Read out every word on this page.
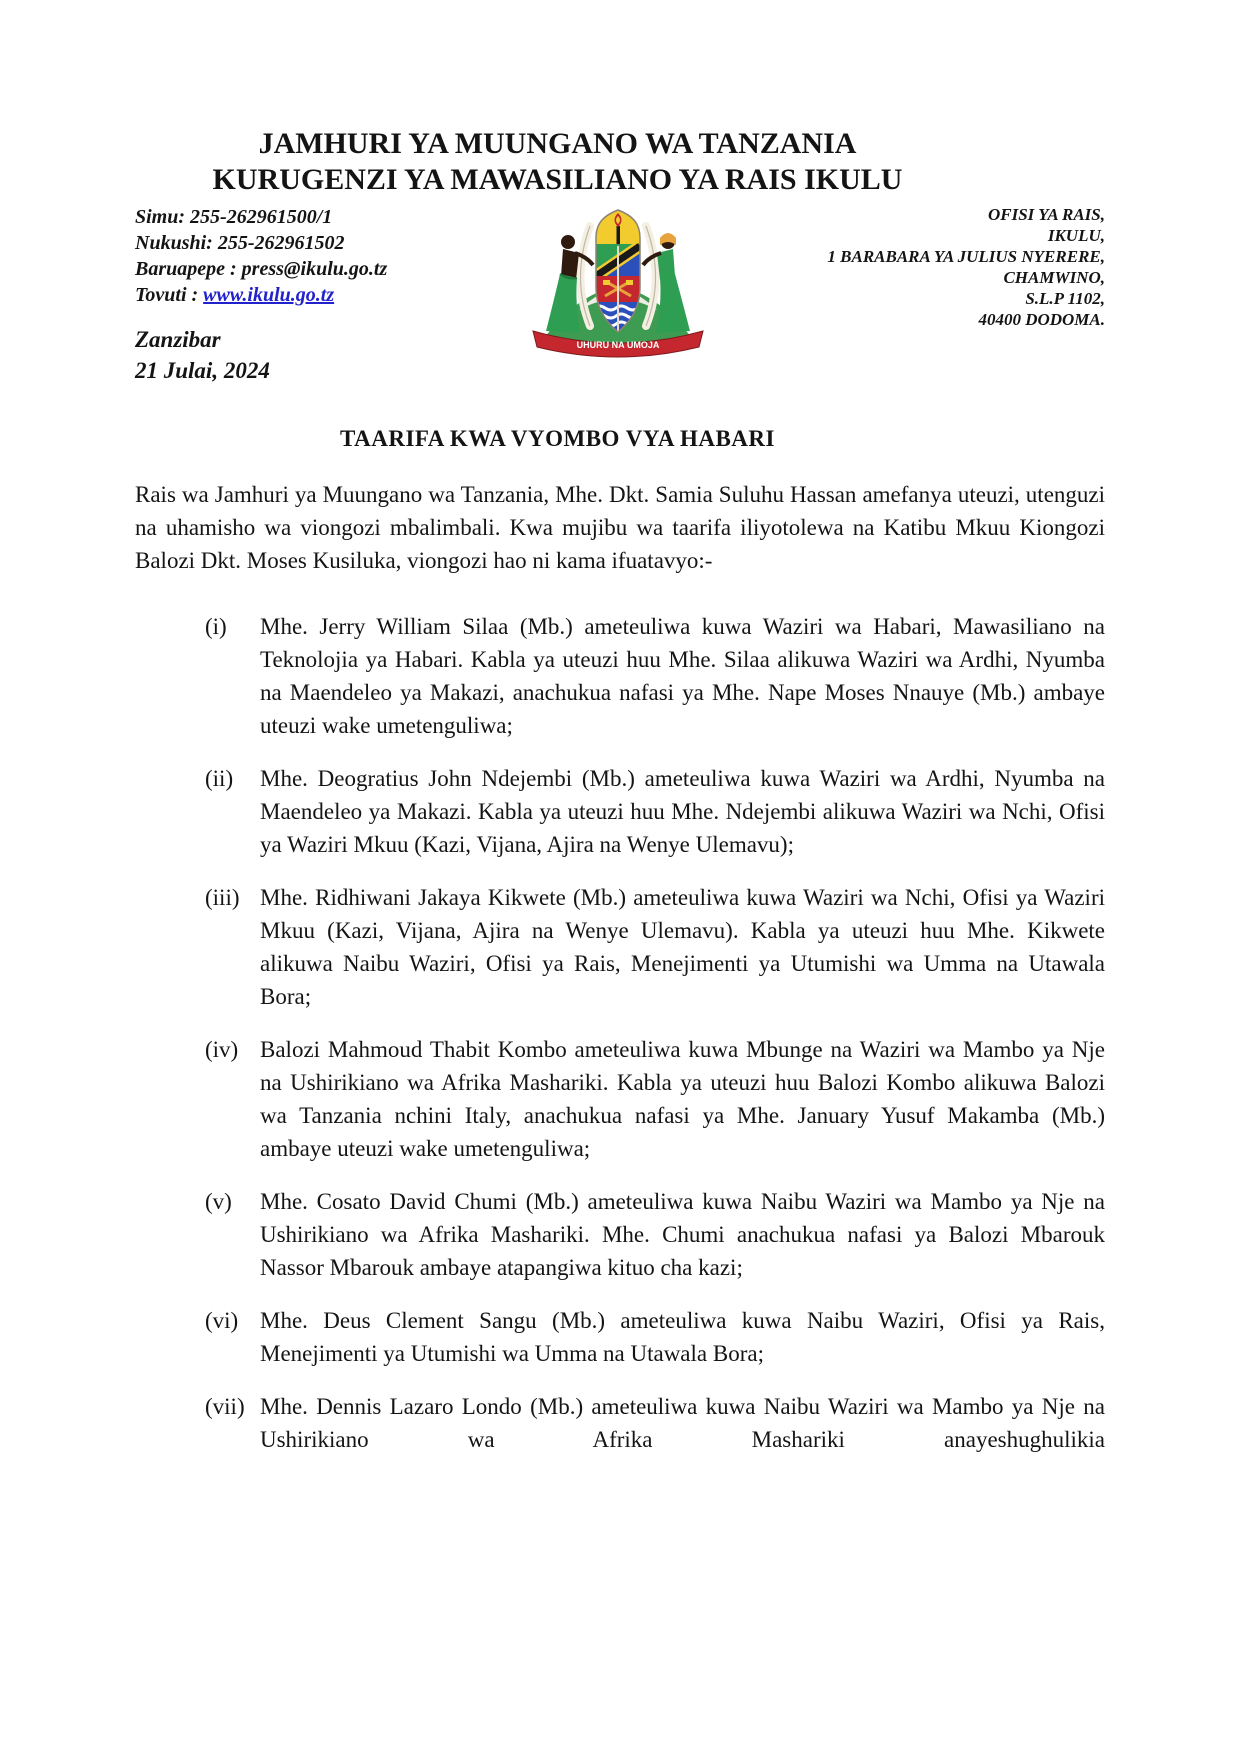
JAMHURI YA MUUNGANO WA TANZANIA
KURUGENZI YA MAWASILIANO YA RAIS IKULU
Simu: 255-262961500/1
Nukushi: 255-262961502
Baruapepe : press@ikulu.go.tz
Tovuti : www.ikulu.go.tz
Zanzibar
21 Julai, 2024
UHURU NA UMOJA
OFISI YA RAIS,
IKULU,
1 BARABARA YA JULIUS NYERERE,
CHAMWINO,
S.L.P 1102,
40400 DODOMA.
TAARIFA KWA VYOMBO VYA HABARI
Rais wa Jamhuri ya Muungano wa Tanzania, Mhe. Dkt. Samia Suluhu Hassan amefanya uteuzi, utenguzi na uhamisho wa viongozi mbalimbali. Kwa mujibu wa taarifa iliyotolewa na Katibu Mkuu Kiongozi Balozi Dkt. Moses Kusiluka, viongozi hao ni kama ifuatavyo:-
(i)	Mhe. Jerry William Silaa (Mb.) ameteuliwa kuwa Waziri wa Habari, Mawasiliano na Teknolojia ya Habari. Kabla ya uteuzi huu Mhe. Silaa alikuwa Waziri wa Ardhi, Nyumba na Maendeleo ya Makazi, anachukua nafasi ya Mhe. Nape Moses Nnauye (Mb.) ambaye uteuzi wake umetenguliwa;
(ii)	Mhe. Deogratius John Ndejembi (Mb.) ameteuliwa kuwa Waziri wa Ardhi, Nyumba na Maendeleo ya Makazi. Kabla ya uteuzi huu Mhe. Ndejembi alikuwa Waziri wa Nchi, Ofisi ya Waziri Mkuu (Kazi, Vijana, Ajira na Wenye Ulemavu);
(iii) Mhe. Ridhiwani Jakaya Kikwete (Mb.) ameteuliwa kuwa Waziri wa Nchi, Ofisi ya Waziri Mkuu (Kazi, Vijana, Ajira na Wenye Ulemavu). Kabla ya uteuzi huu Mhe. Kikwete alikuwa Naibu Waziri, Ofisi ya Rais, Menejimenti ya Utumishi wa Umma na Utawala Bora;
(iv) Balozi Mahmoud Thabit Kombo ameteuliwa kuwa Mbunge na Waziri wa Mambo ya Nje na Ushirikiano wa Afrika Mashariki. Kabla ya uteuzi huu Balozi Kombo alikuwa Balozi wa Tanzania nchini Italy, anachukua nafasi ya Mhe. January Yusuf Makamba (Mb.) ambaye uteuzi wake umetenguliwa;
(v)	Mhe. Cosato David Chumi (Mb.) ameteuliwa kuwa Naibu Waziri wa Mambo ya Nje na Ushirikiano wa Afrika Mashariki. Mhe. Chumi anachukua nafasi ya Balozi Mbarouk Nassor Mbarouk ambaye atapangiwa kituo cha kazi;
(vi) Mhe. Deus Clement Sangu (Mb.) ameteuliwa kuwa Naibu Waziri, Ofisi ya Rais, Menejimenti ya Utumishi wa Umma na Utawala Bora;
(vii) Mhe. Dennis Lazaro Londo (Mb.) ameteuliwa kuwa Naibu Waziri wa Mambo ya Nje na Ushirikiano wa Afrika Mashariki anayeshughulikia
